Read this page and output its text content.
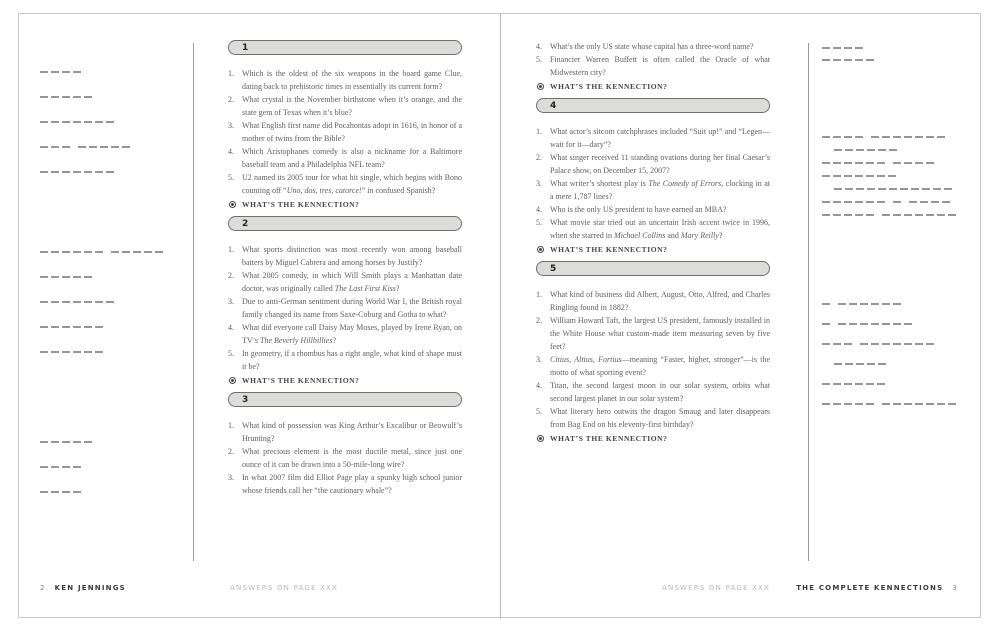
1
1.	Which is the oldest of the six weapons in the board game Clue, dating back to prehistoric times in essentially its current form?
2.	What crystal is the November birthstone when it’s orange, and the state gem of Texas when it’s blue?
3.	What English first name did Pocahontas adopt in 1616, in honor of a mother of twins from the Bible?
4.	Which Aristophanes comedy is also a nickname for a Baltimore baseball team and a Philadelphia NFL team?
5.	U2 named its 2005 tour for what hit single, which begins with Bono counting off “Uno, dos, tres, catorce!” in confused Spanish?
WHAT’S THE KENNECTION?
2
1.	What sports distinction was most recently won among baseball batters by Miguel Cabrera and among horses by Justify?
2.	What 2005 comedy, in which Will Smith plays a Manhattan date doctor, was originally called The Last First Kiss?
3.	Due to anti-German sentiment during World War I, the British royal family changed its name from Saxe-Coburg and Gotha to what?
4.	What did everyone call Daisy May Moses, played by Irene Ryan, on TV’s The Beverly Hillbillies?
5.	In geometry, if a rhombus has a right angle, what kind of shape must it be?
WHAT’S THE KENNECTION?
3
1.	What kind of possession was King Arthur’s Excalibur or Beowulf’s Hrunting?
2.	What precious element is the most ductile metal, since just one ounce of it can be drawn into a 50-mile-long wire?
3.	In what 2007 film did Elliot Page play a spunky high school junior whose friends call her “the cautionary whale”?
4.	What’s the only US state whose capital has a three-word name?
5.	Financier Warren Buffett is often called the Oracle of what Midwestern city?
WHAT’S THE KENNECTION?
4
1.	What actor’s sitcom catchphrases included “Suit up!” and “Legen—wait for it—dary”?
2.	What singer received 11 standing ovations during her final Caesar’s Palace show, on December 15, 2007?
3.	What writer’s shortest play is The Comedy of Errors, clocking in at a mere 1,787 lines?
4.	Who is the only US president to have earned an MBA?
5.	What movie star tried out an uncertain Irish accent twice in 1996, when she starred in Michael Collins and Mary Reilly?
WHAT’S THE KENNECTION?
5
1.	What kind of business did Albert, August, Otto, Alfred, and Charles Ringling found in 1882?
2.	William Howard Taft, the largest US president, famously installed in the White House what custom-made item measuring seven by five feet?
3.	Citius, Altius, Fortius—meaning “Faster, higher, stronger”—is the motto of what sporting event?
4.	Titan, the second largest moon in our solar system, orbits what second largest planet in our solar system?
5.	What literary hero outwits the dragon Smaug and later disappears from Bag End on his eleventy-first birthday?
WHAT’S THE KENNECTION?
2 KEN JENNINGS	ANSWERS ON PAGE XXX	ANSWERS ON PAGE XXX	THE COMPLETE KENNECTIONS 3
